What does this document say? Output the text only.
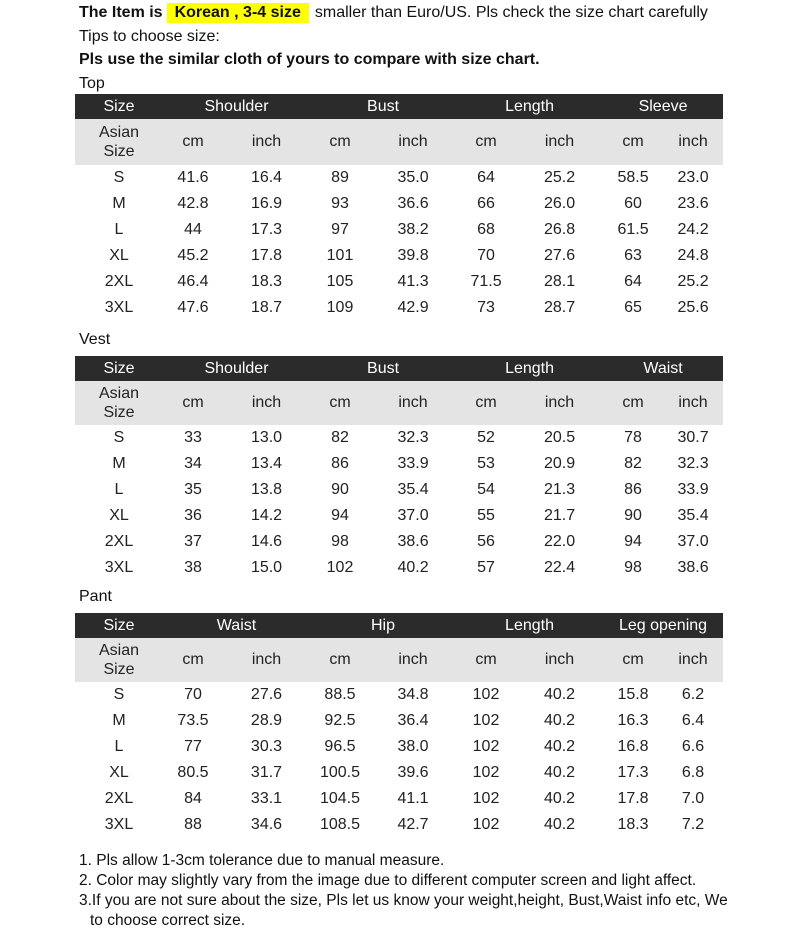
The Item is Korean , 3-4 size smaller than Euro/US. Pls check the size chart carefully
Tips to choose size:
Pls use the similar cloth of yours to compare with size chart.
Top
Size	Shoulder		Bust		Length		Sleeve	
Asian
Size	cm	inch	cm	inch	cm	inch	cm	inch
S	41.6	16.4	89	35.0	64	25.2	58.5	23.0
M	42.8	16.9	93	36.6	66	26.0	60	23.6
L	44	17.3	97	38.2	68	26.8	61.5	24.2
XL	45.2	17.8	101	39.8	70	27.6	63	24.8
2XL	46.4	18.3	105	41.3	71.5	28.1	64	25.2
3XL	47.6	18.7	109	42.9	73	28.7	65	25.6
Vest
Size	Shoulder		Bust		Length		Waist	
Asian
Size	cm	inch	cm	inch	cm	inch	cm	inch
S	33	13.0	82	32.3	52	20.5	78	30.7
M	34	13.4	86	33.9	53	20.9	82	32.3
L	35	13.8	90	35.4	54	21.3	86	33.9
XL	36	14.2	94	37.0	55	21.7	90	35.4
2XL	37	14.6	98	38.6	56	22.0	94	37.0
3XL	38	15.0	102	40.2	57	22.4	98	38.6
Pant
Size	Waist		Hip		Length		Leg opening	
Asian
Size	cm	inch	cm	inch	cm	inch	cm	inch
S	70	27.6	88.5	34.8	102	40.2	15.8	6.2
M	73.5	28.9	92.5	36.4	102	40.2	16.3	6.4
L	77	30.3	96.5	38.0	102	40.2	16.8	6.6
XL	80.5	31.7	100.5	39.6	102	40.2	17.3	6.8
2XL	84	33.1	104.5	41.1	102	40.2	17.8	7.0
3XL	88	34.6	108.5	42.7	102	40.2	18.3	7.2
1. Pls allow 1-3cm tolerance due to manual measure.
2. Color may slightly vary from the image due to different computer screen and light affect.
3.If you are not sure about the size, Pls let us know your weight,height, Bust,Waist info etc, We
to choose correct size.
